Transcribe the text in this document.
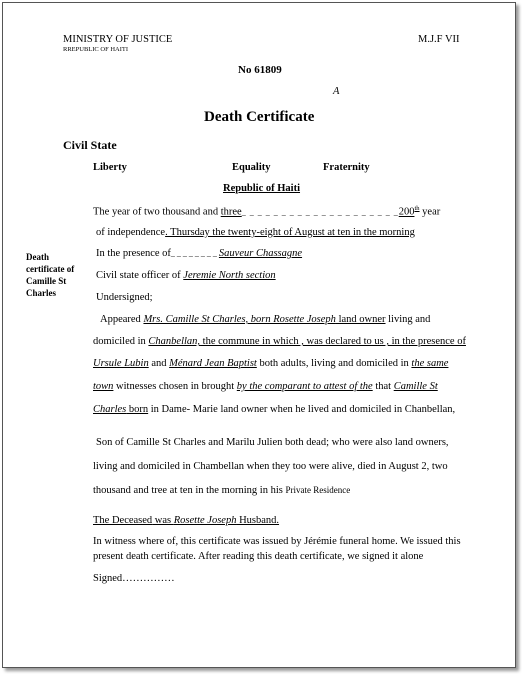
MINISTRY OF JUSTICE
RREPUBLIC OF HAITI
M.J.F VII
No 61809
A
Death Certificate
Civil State
Liberty	Equality	Fraternity
Republic of Haiti
Death certificate of Camille St Charles
The year of two thousand and three_ _ _ _ _ _ _ _ _ _ _ _ _ _ _ _ _ _ _ _200th year
of independence. Thursday the twenty-eight of August at ten in the morning
In the presence of_ _ _ _ _ _ _ _ Sauveur Chassagne
Civil state officer of Jeremie North section
Undersigned;
Appeared Mrs. Camille St Charles, born Rosette Joseph land owner living and
domiciled in Chanbellan, the commune in which , was declared to us , in the presence of
Ursule Lubin and Ménard Jean Baptist both adults, living and domiciled in the same
town witnesses chosen in brought by the comparant to attest of the that Camille St
Charles born in Dame- Marie land owner when he lived and domiciled in Chanbellan,
Son of Camille St Charles and Marilu Julien both dead; who were also land owners,
living and domiciled in Chambellan when they too were alive, died in August 2, two
thousand and tree at ten in the morning in his Private Residence
The Deceased was Rosette Joseph Husband.
In witness where of, this certificate was issued by Jérémie funeral home. We issued this
present death certificate. After reading this death certificate, we signed it alone
Signed……………
